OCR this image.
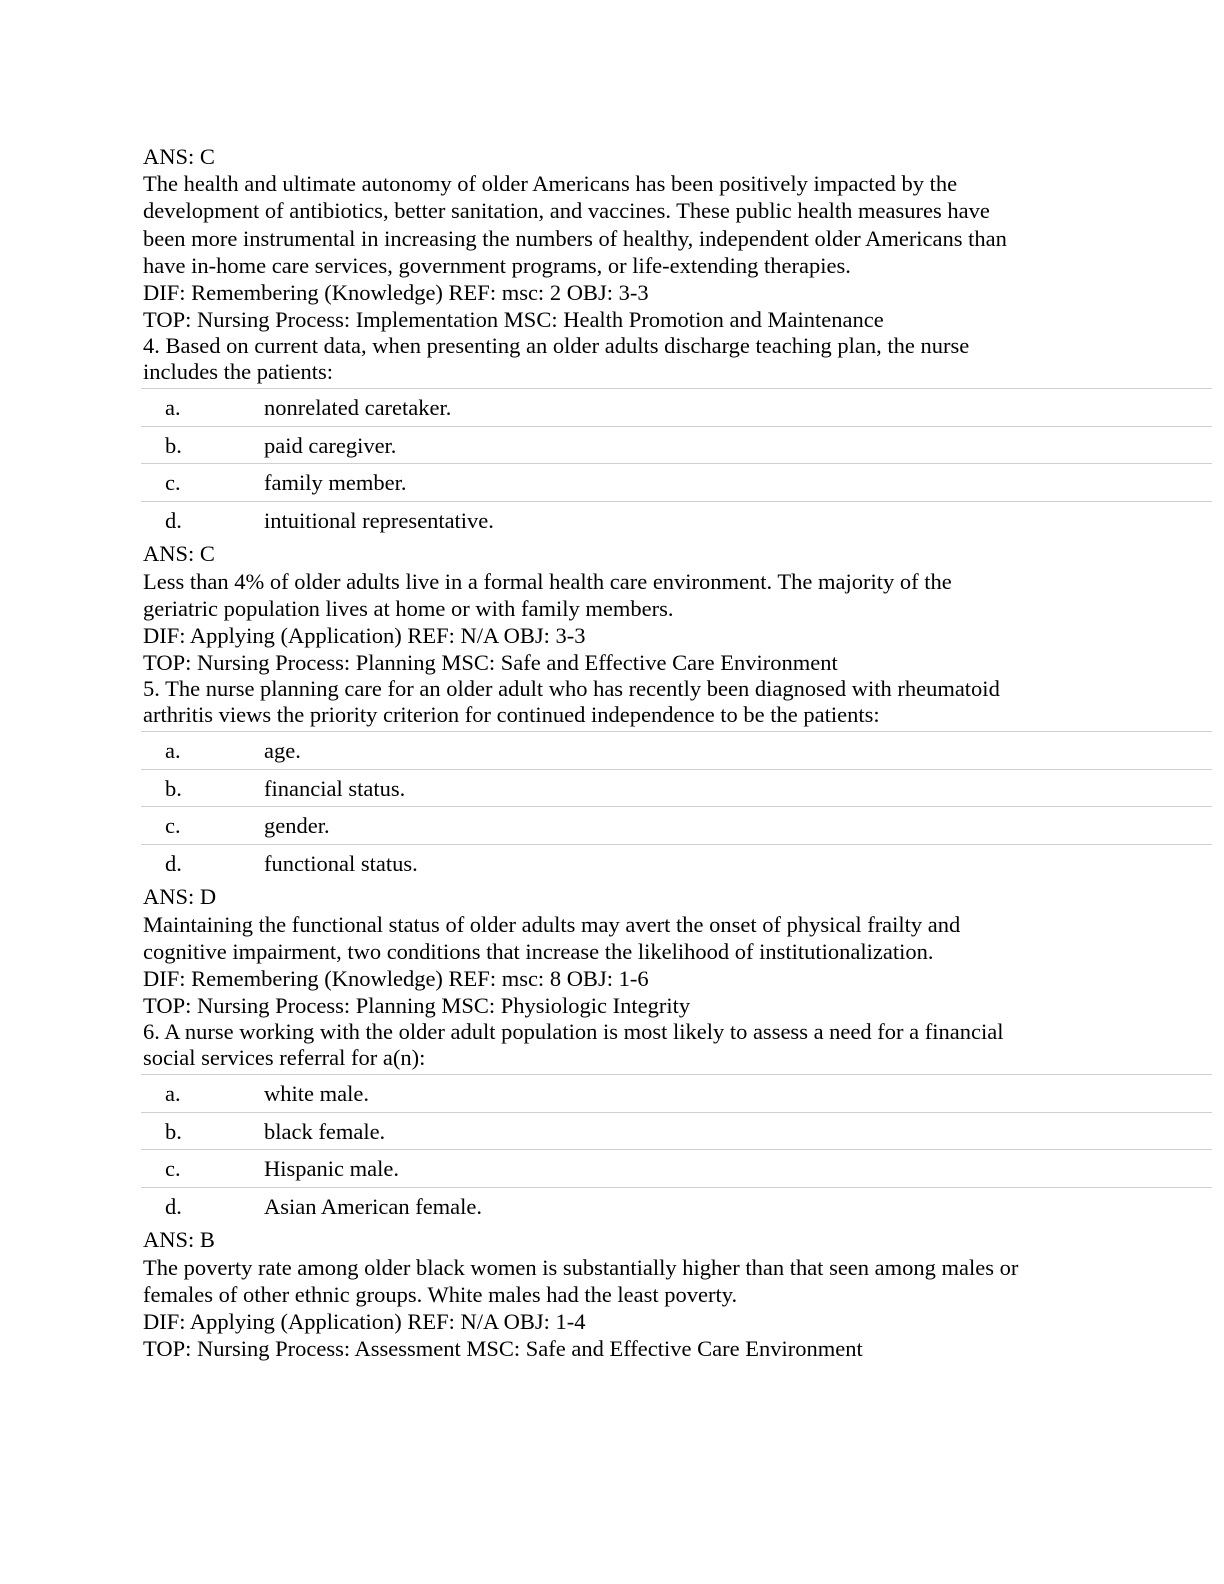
ANS: C
The health and ultimate autonomy of older Americans has been positively impacted by the
development of antibiotics, better sanitation, and vaccines. These public health measures have
been more instrumental in increasing the numbers of healthy, independent older Americans than
have in-home care services, government programs, or life-extending therapies.
DIF: Remembering (Knowledge) REF: msc: 2 OBJ: 3-3
TOP: Nursing Process: Implementation MSC: Health Promotion and Maintenance
4. Based on current data, when presenting an older adults discharge teaching plan, the nurse
includes the patients:
a.	nonrelated caretaker.
b.	paid caregiver.
c.	family member.
d.	intuitional representative.
ANS: C
Less than 4% of older adults live in a formal health care environment. The majority of the
geriatric population lives at home or with family members.
DIF: Applying (Application) REF: N/A OBJ: 3-3
TOP: Nursing Process: Planning MSC: Safe and Effective Care Environment
5. The nurse planning care for an older adult who has recently been diagnosed with rheumatoid
arthritis views the priority criterion for continued independence to be the patients:
a.	age.
b.	financial status.
c.	gender.
d.	functional status.
ANS: D
Maintaining the functional status of older adults may avert the onset of physical frailty and
cognitive impairment, two conditions that increase the likelihood of institutionalization.
DIF: Remembering (Knowledge) REF: msc: 8 OBJ: 1-6
TOP: Nursing Process: Planning MSC: Physiologic Integrity
6. A nurse working with the older adult population is most likely to assess a need for a financial
social services referral for a(n):
a.	white male.
b.	black female.
c.	Hispanic male.
d.	Asian American female.
ANS: B
The poverty rate among older black women is substantially higher than that seen among males or
females of other ethnic groups. White males had the least poverty.
DIF: Applying (Application) REF: N/A OBJ: 1-4
TOP: Nursing Process: Assessment MSC: Safe and Effective Care Environment
